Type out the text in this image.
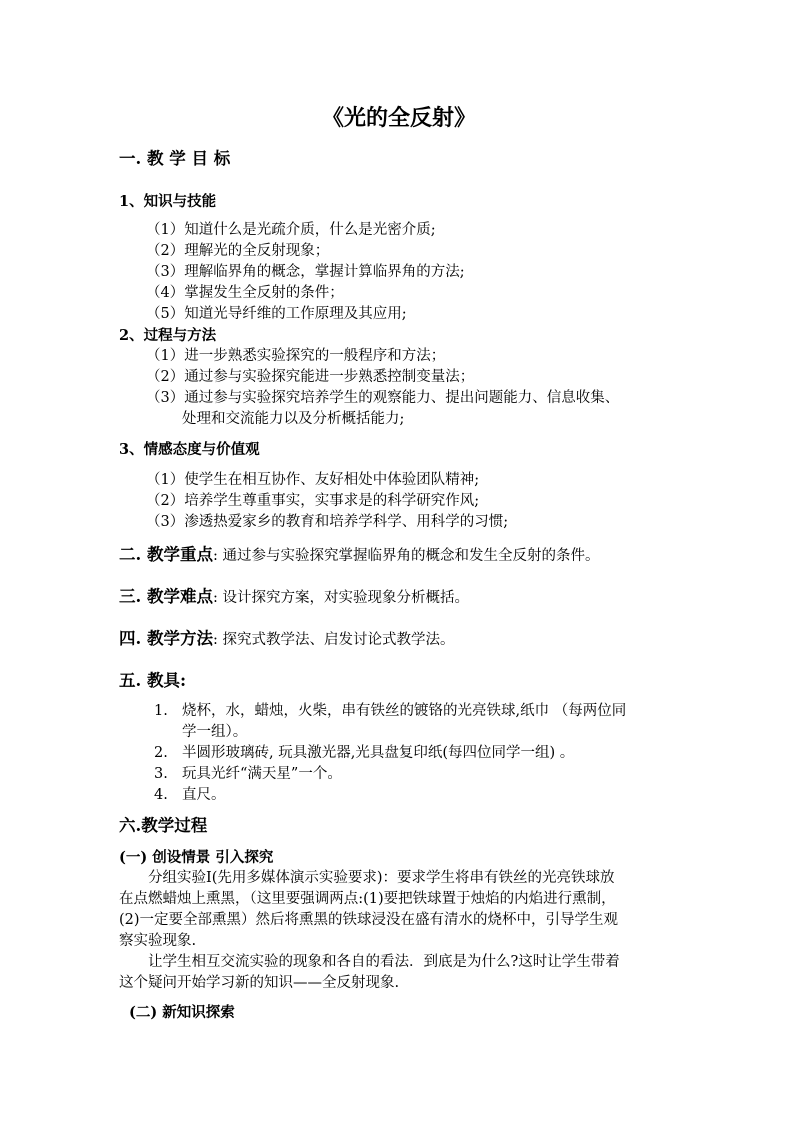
《光的全反射》
一. 教 学 目 标
1、知识与技能
（1）知道什么是光疏介质，什么是光密介质;
（2）理解光的全反射现象；
（3）理解临界角的概念，掌握计算临界角的方法;
（4）掌握发生全反射的条件；
（5）知道光导纤维的工作原理及其应用;
2、过程与方法
（1）进一步熟悉实验探究的一般程序和方法；
（2）通过参与实验探究能进一步熟悉控制变量法；
（3）通过参与实验探究培养学生的观察能力、提出问题能力、信息收集、
处理和交流能力以及分析概括能力;
3、情感态度与价值观
（1）使学生在相互协作、友好相处中体验团队精神;
（2）培养学生尊重事实，实事求是的科学研究作风;
（3）渗透热爱家乡的教育和培养学科学、用科学的习惯;
二. 教学重点: 通过参与实验探究掌握临界角的概念和发生全反射的条件。
三. 教学难点: 设计探究方案，对实验现象分析概括。
四. 教学方法: 探究式教学法、启发讨论式教学法。
五. 教具:
1. 烧杯，水，蜡烛，火柴，串有铁丝的镀铬的光亮铁球,纸巾 （每两位同
学一组）。
2. 半圆形玻璃砖, 玩具激光器,光具盘复印纸(每四位同学一组) 。
3. 玩具光纤“满天星”一个。
4. 直尺。
六.教学过程
(一) 创设情景 引入探究
分组实验Ⅰ(先用多媒体演示实验要求)：要求学生将串有铁丝的光亮铁球放
在点燃蜡烛上熏黑，（这里要强调两点:(1)要把铁球置于烛焰的内焰进行熏制，
(2)一定要全部熏黑）然后将熏黑的铁球浸没在盛有清水的烧杯中，引导学生观
察实验现象.
让学生相互交流实验的现象和各自的看法．到底是为什么?这时让学生带着
这个疑问开始学习新的知识——全反射现象.
(二) 新知识探索
